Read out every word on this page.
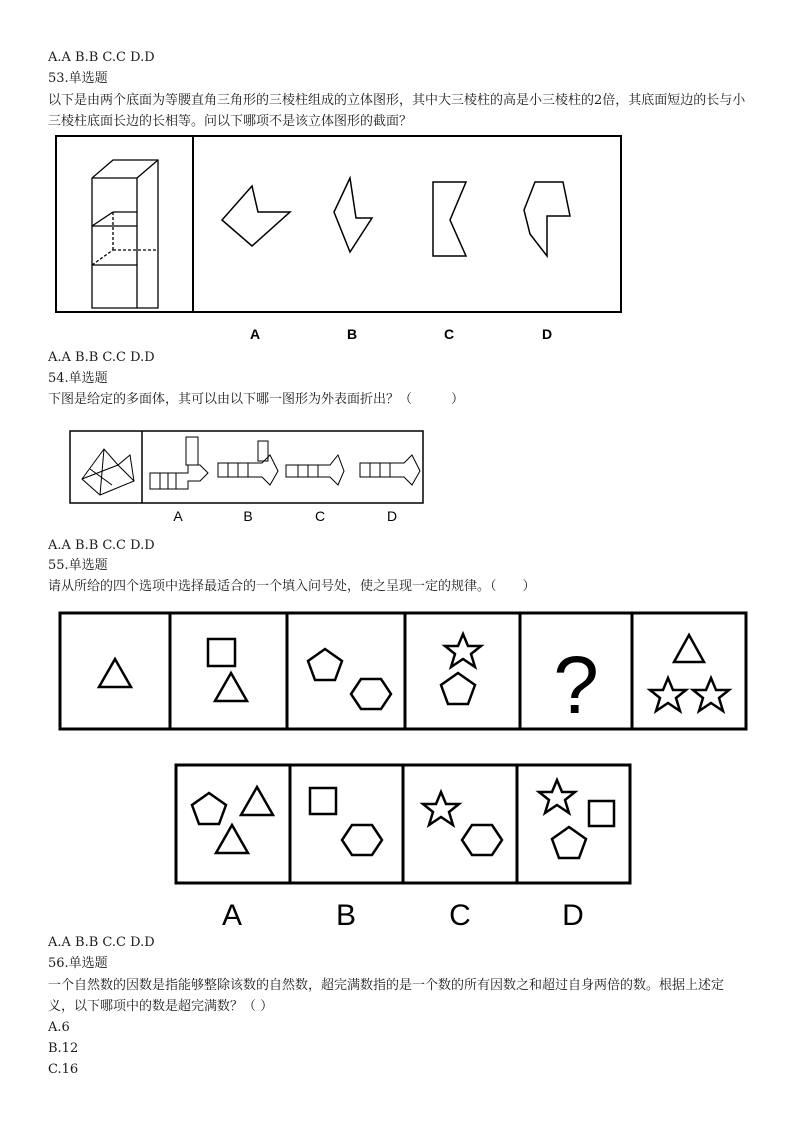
A.A B.B C.C D.D
53.单选题
以下是由两个底面为等腰直角三角形的三棱柱组成的立体图形，其中大三棱柱的高是小三棱柱的2倍，其底面短边的长与小三棱柱底面长边的长相等。问以下哪项不是该立体图形的截面？
A	B	C	D
A.A B.B C.C D.D
54.单选题
下图是给定的多面体，其可以由以下哪一图形为外表面折出？（　　　）
A	B	C	D
A.A B.B C.C D.D
55.单选题
请从所给的四个选项中选择最适合的一个填入问号处，使之呈现一定的规律。（　　）
?
A	B	C	D
A.A B.B C.C D.D
56.单选题
一个自然数的因数是指能够整除该数的自然数，超完满数指的是一个数的所有因数之和超过自身两倍的数。根据上述定义，以下哪项中的数是超完满数？（ ）
A.6
B.12
C.16
